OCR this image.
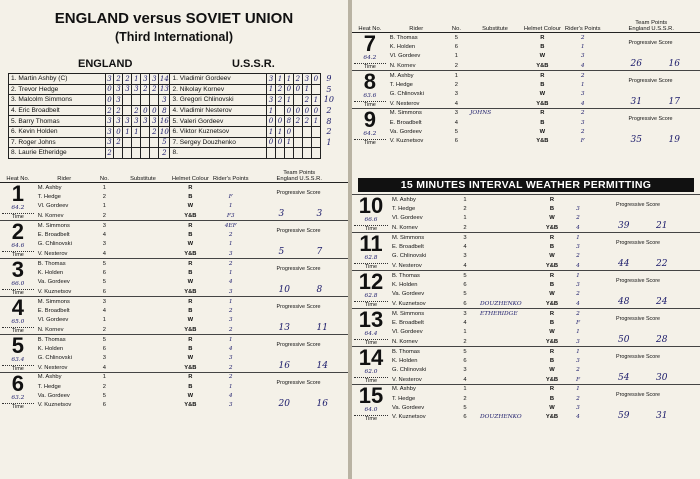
ENGLAND versus SOVIET UNION
(Third International)
ENGLAND	U.S.S.R.
1. Martin Ashby (C)	3	2	2	1	3	3	14	1. Vladimir Gordeev	3	1	1	2	3	0	9
2. Trevor Hedge	0	3	3	3	2	2	13	2. Nikolay Kornev	1	2	0	0	1		5
3. Malcolm Simmons	0	3					3	3. Gregori Chlinovski	3	2	1		2	1	10
4. Eric Broadbelt	2	2		2	0	0	8	4. Vladimir Nesterov	1		0	0	0	0	2
5. Barry Thomas	3	3	3	3	3	3	16	5. Valeri Gordeev	0	0	8	2	2	1	8
6. Kevin Holden	3	0	1	1		2	10	6. Viktor Kuznetsov	1	1	0				2
7. Roger Johns	3	2					5	7. Sergey Douzhenko	0	0	1				1
8. Laurie Etheridge	2						2	8.							
Heat No.	Rider	No.	Substitute	Helmet Colour	Rider's Points	Team Points
England U.S.S.R.

1
64.2
Time	M. Ashby	1		R		
	T. Hedge	2		B	F	Progressive Score

	Vl. Gordeev	1		W	1	
	N. Kornev	2		Y&B	F3	3 3

2
64.6
Time	M. Simmons	3		R	4EF	
	E. Broadbelt	4		B	2	Progressive Score

	G. Chlinovski	3		W	1	
	V. Nesterov	4		Y&B	3	5 7

3
66.0
Time	B. Thomas	5		R	2	
	K. Holden	6		B	1	Progressive Score

	Va. Gordeev	5		W	4	
	V. Kuznetsov	6		Y&B	3	10 8

4
65.0
Time	M. Simmons	3		R	1	
	E. Broadbelt	4		B	2	Progressive Score

	Vl. Gordeev	1		W	3	
	N. Kornev	2		Y&B	2	13 11

5
63.4
Time	B. Thomas	5		R	1	
	K. Holden	6		B	4	Progressive Score

	G. Chlinovski	3		W	3	
	V. Nesterov	4		Y&B	2	16 14

6
63.2
Time	M. Ashby	1		R	2	
	T. Hedge	2		B	1	Progressive Score

	Va. Gordeev	5		W	4	
	V. Kuznetsov	6		Y&B	3	20 16
Heat No.	Rider	No.	Substitute	Helmet Colour	Rider's Points	Team Points
England U.S.S.R.

7
64.2
Time	B. Thomas	5		R	2	
	K. Holden	6		B	1	Progressive Score

	Vl. Gordeev	1		W	3	
	N. Kornev	2		Y&B	4	26 16

8
63.6
Time	M. Ashby	1		R	2	
	T. Hedge	2		B	1	Progressive Score

	G. Chlinovski	3		W	3	
	V. Nesterov	4		Y&B	4	31 17

9
64.2
Time	M. Simmons	3	JOHNS	R	2	
	E. Broadbelt	4		B	3	Progressive Score

	Va. Gordeev	5		W	2	
	V. Kuznetsov	6		Y&B	F	35 19
15 MINUTES INTERVAL WEATHER PERMITTING
10
66.6
Time	M. Ashby	1		R		
	T. Hedge	2		B	3	Progressive Score

	Vl. Gordeev	1		W	2	
	N. Kornev	2		Y&B	4	39 21

11
62.8
Time	M. Simmons	3		R	1	
	E. Broadbelt	4		B	3	Progressive Score

	G. Chlinovski	3		W	2	
	V. Nesterov	4		Y&B	4	44 22

12
62.8
Time	B. Thomas	5		R	1	
	K. Holden	6		B	3	Progressive Score

	Va. Gordeev	5		W	2	
	V. Kuznetsov	6	DOUZHENKO	Y&B	4	48 24

13
64.4
Time	M. Simmons	3	ETHERIDGE	R	2	
	E. Broadbelt	4		B	F	Progressive Score

	Vl. Gordeev	1		W	1	
	N. Kornev	2		Y&B	3	50 28

14
62.0
Time	B. Thomas	5		R	1	
	K. Holden	6		B	3	Progressive Score

	G. Chlinovski	3		W	2	
	V. Nesterov	4		Y&B	F	54 30

15
64.0
Time	M. Ashby	1		R	1	
	T. Hedge	2		B	2	Progressive Score

	Va. Gordeev	5		W	3	
	V. Kuznetsov	6	DOUZHENKO	Y&B	4	59 31
